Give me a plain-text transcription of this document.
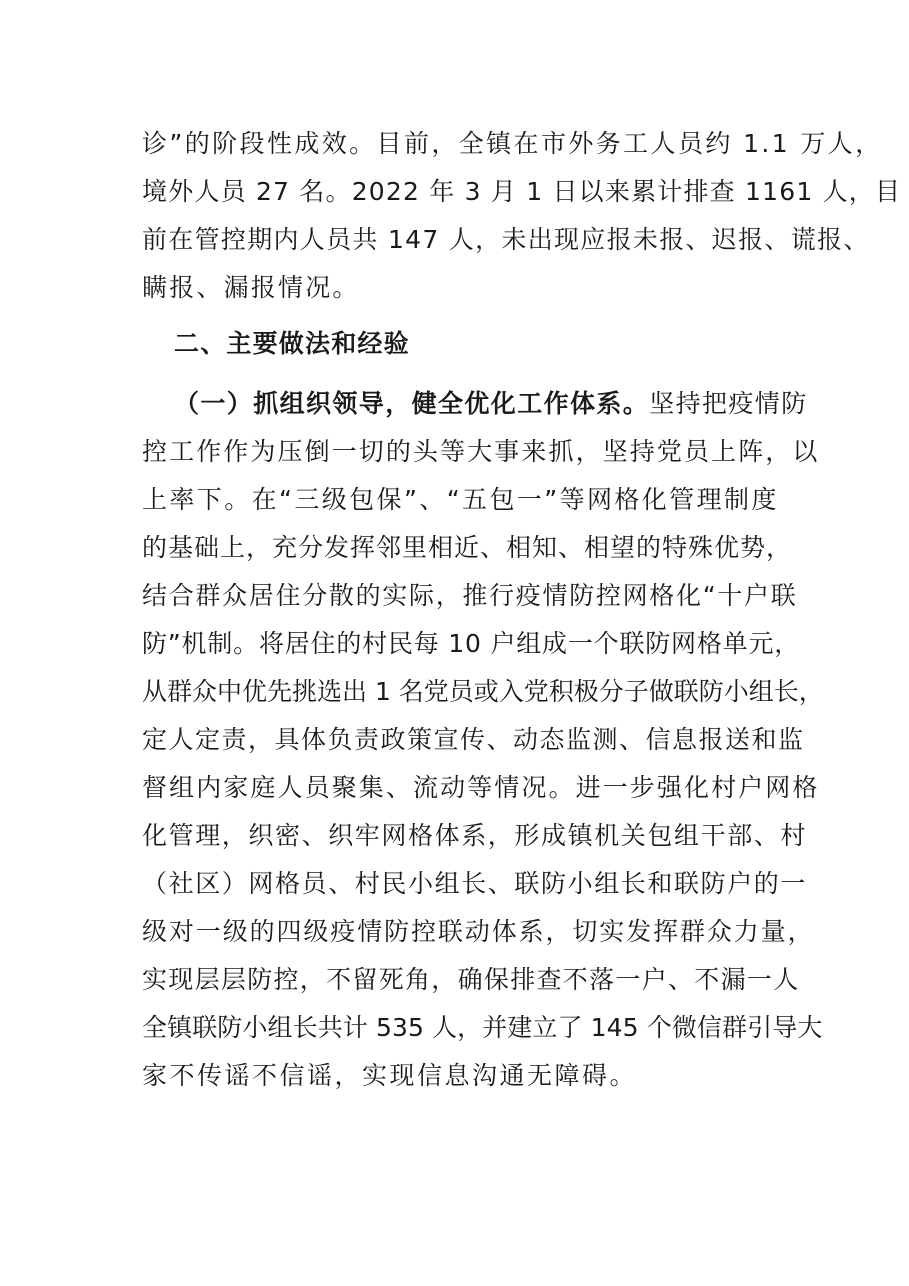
诊”的阶段性成效。目前，全镇在市外务工人员约 1.1 万人，
境外人员 27 名。2022 年 3 月 1 日以来累计排查 1161 人，目
前在管控期内人员共 147 人，未出现应报未报、迟报、谎报、
瞒报、漏报情况。
二、主要做法和经验
（一）抓组织领导，健全优化工作体系。坚持把疫情防
控工作作为压倒一切的头等大事来抓，坚持党员上阵，以
上率下。在“三级包保”、“五包一”等网格化管理制度
的基础上，充分发挥邻里相近、相知、相望的特殊优势，
结合群众居住分散的实际，推行疫情防控网格化“十户联
防”机制。将居住的村民每 10 户组成一个联防网格单元，
从群众中优先挑选出 1 名党员或入党积极分子做联防小组长，
定人定责，具体负责政策宣传、动态监测、信息报送和监
督组内家庭人员聚集、流动等情况。进一步强化村户网格
化管理，织密、织牢网格体系，形成镇机关包组干部、村
（社区）网格员、村民小组长、联防小组长和联防户的一
级对一级的四级疫情防控联动体系，切实发挥群众力量，
实现层层防控，不留死角，确保排查不落一户、不漏一人
全镇联防小组长共计 535 人，并建立了 145 个微信群引导大
家不传谣不信谣，实现信息沟通无障碍。
